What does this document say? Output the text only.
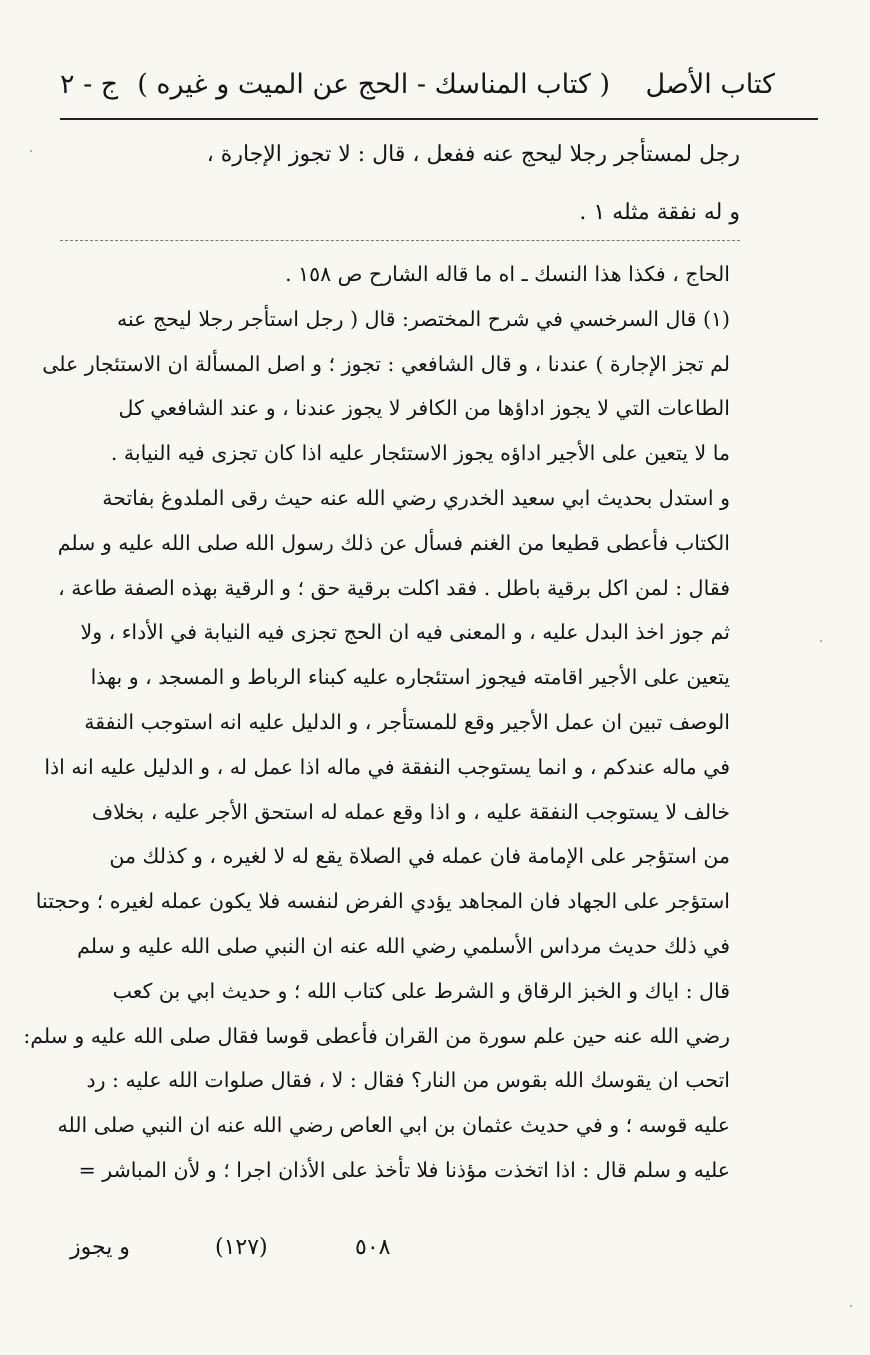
كتاب الأصل
( كتاب المناسك - الحج عن الميت و غيره )
ج - ٢
رجل لمستأجر رجلا ليحج عنه ففعل ، قال : لا تجوز الإجارة ،
و له نفقة مثله ۱ .
الحاج ، فكذا هذا النسك ـ اه ما قاله الشارح ص ١٥٨ .
(١) قال السرخسي في شرح المختصر: قال ( رجل استأجر رجلا ليحج عنه
لم تجز الإجارة ) عندنا ، و قال الشافعي : تجوز ؛ و اصل المسألة ان الاستئجار على
الطاعات التي لا يجوز اداؤها من الكافر لا يجوز عندنا ، و عند الشافعي كل
ما لا يتعين على الأجير اداؤه يجوز الاستئجار عليه اذا كان تجزى فيه النيابة .
و استدل بحديث ابي سعيد الخدري رضي الله عنه حيث رقى الملدوغ بفاتحة
الكتاب فأعطى قطيعا من الغنم فسأل عن ذلك رسول الله صلى الله عليه و سلم
فقال : لمن اكل برقية باطل . فقد اكلت برقية حق ؛ و الرقية بهذه الصفة طاعة ،
ثم جوز اخذ البدل عليه ، و المعنى فيه ان الحج تجزى فيه النيابة في الأداء ، ولا
يتعين على الأجير اقامته فيجوز استئجاره عليه كبناء الرباط و المسجد ، و بهذا
الوصف تبين ان عمل الأجير وقع للمستأجر ، و الدليل عليه انه استوجب النفقة
في ماله عندكم ، و انما يستوجب النفقة في ماله اذا عمل له ، و الدليل عليه انه اذا
خالف لا يستوجب النفقة عليه ، و اذا وقع عمله له استحق الأجر عليه ، بخلاف
من استؤجر على الإمامة فان عمله في الصلاة يقع له لا لغيره ، و كذلك من
استؤجر على الجهاد فان المجاهد يؤدي الفرض لنفسه فلا يكون عمله لغيره ؛ وحجتنا
في ذلك حديث مرداس الأسلمي رضي الله عنه ان النبي صلى الله عليه و سلم
قال : اياك و الخبز الرقاق و الشرط على كتاب الله ؛ و حديث ابي بن كعب
رضي الله عنه حين علم سورة من القران فأعطى قوسا فقال صلى الله عليه و سلم:
اتحب ان يقوسك الله بقوس من النار؟ فقال : لا ، فقال صلوات الله عليه : رد
عليه قوسه ؛ و في حديث عثمان بن ابي العاص رضي الله عنه ان النبي صلى الله
عليه و سلم قال : اذا اتخذت مؤذنا فلا تأخذ على الأذان اجرا ؛ و لأن المباشر =
٥٠٨
(١٢٧)
و يجوز
